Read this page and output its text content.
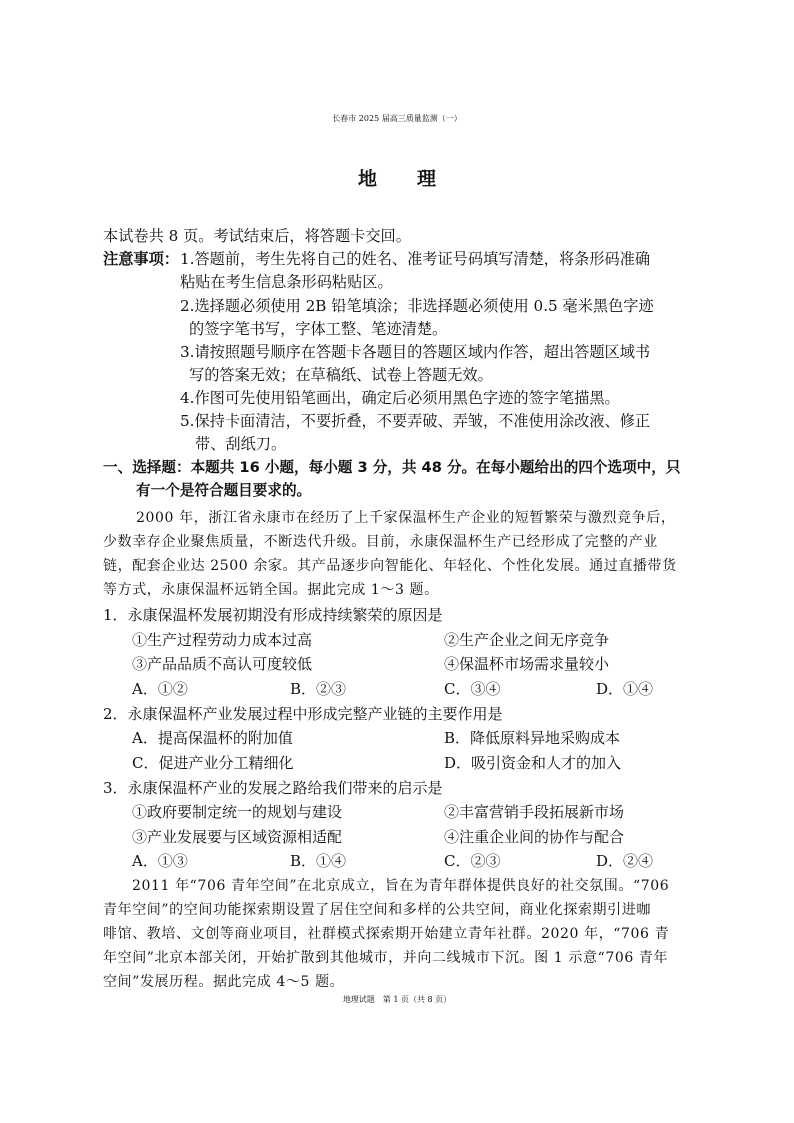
长春市 2025 届高三质量监测（一）
地理
本试卷共 8 页。考试结束后，将答题卡交回。
注意事项： 1.答题前，考生先将自己的姓名、准考证号码填写清楚，将条形码准确
粘贴在考生信息条形码粘贴区。
2.选择题必须使用 2B 铅笔填涂；非选择题必须使用 0.5 毫米黑色字迹
的签字笔书写，字体工整、笔迹清楚。
3.请按照题号顺序在答题卡各题目的答题区域内作答，超出答题区域书
写的答案无效；在草稿纸、试卷上答题无效。
4.作图可先使用铅笔画出，确定后必须用黑色字迹的签字笔描黑。
5.保持卡面清洁，不要折叠，不要弄破、弄皱，不准使用涂改液、修正
带、刮纸刀。
一、选择题：本题共 16 小题，每小题 3 分，共 48 分。在每小题给出的四个选项中，只
有一个是符合题目要求的。
2000 年，浙江省永康市在经历了上千家保温杯生产企业的短暂繁荣与激烈竞争后，
少数幸存企业聚焦质量，不断迭代升级。目前，永康保温杯生产已经形成了完整的产业
链，配套企业达 2500 余家。其产品逐步向智能化、年轻化、个性化发展。通过直播带货
等方式，永康保温杯远销全国。据此完成 1～3 题。
1．永康保温杯发展初期没有形成持续繁荣的原因是
①生产过程劳动力成本过高	②生产企业之间无序竞争
③产品品质不高认可度较低	④保温杯市场需求量较小
A．①②	B．②③	C．③④	D．①④
2．永康保温杯产业发展过程中形成完整产业链的主要作用是
A．提高保温杯的附加值	B．降低原料异地采购成本
C．促进产业分工精细化	D．吸引资金和人才的加入
3．永康保温杯产业的发展之路给我们带来的启示是
①政府要制定统一的规划与建设	②丰富营销手段拓展新市场
③产业发展要与区域资源相适配	④注重企业间的协作与配合
A．①③	B．①④	C．②③	D．②④
2011 年“706 青年空间”在北京成立，旨在为青年群体提供良好的社交氛围。“706
青年空间”的空间功能探索期设置了居住空间和多样的公共空间，商业化探索期引进咖
啡馆、教培、文创等商业项目，社群模式探索期开始建立青年社群。2020 年，“706 青
年空间”北京本部关闭，开始扩散到其他城市，并向二线城市下沉。图 1 示意“706 青年
空间”发展历程。据此完成 4～5 题。
地理试题　第 1 页（共 8 页）
